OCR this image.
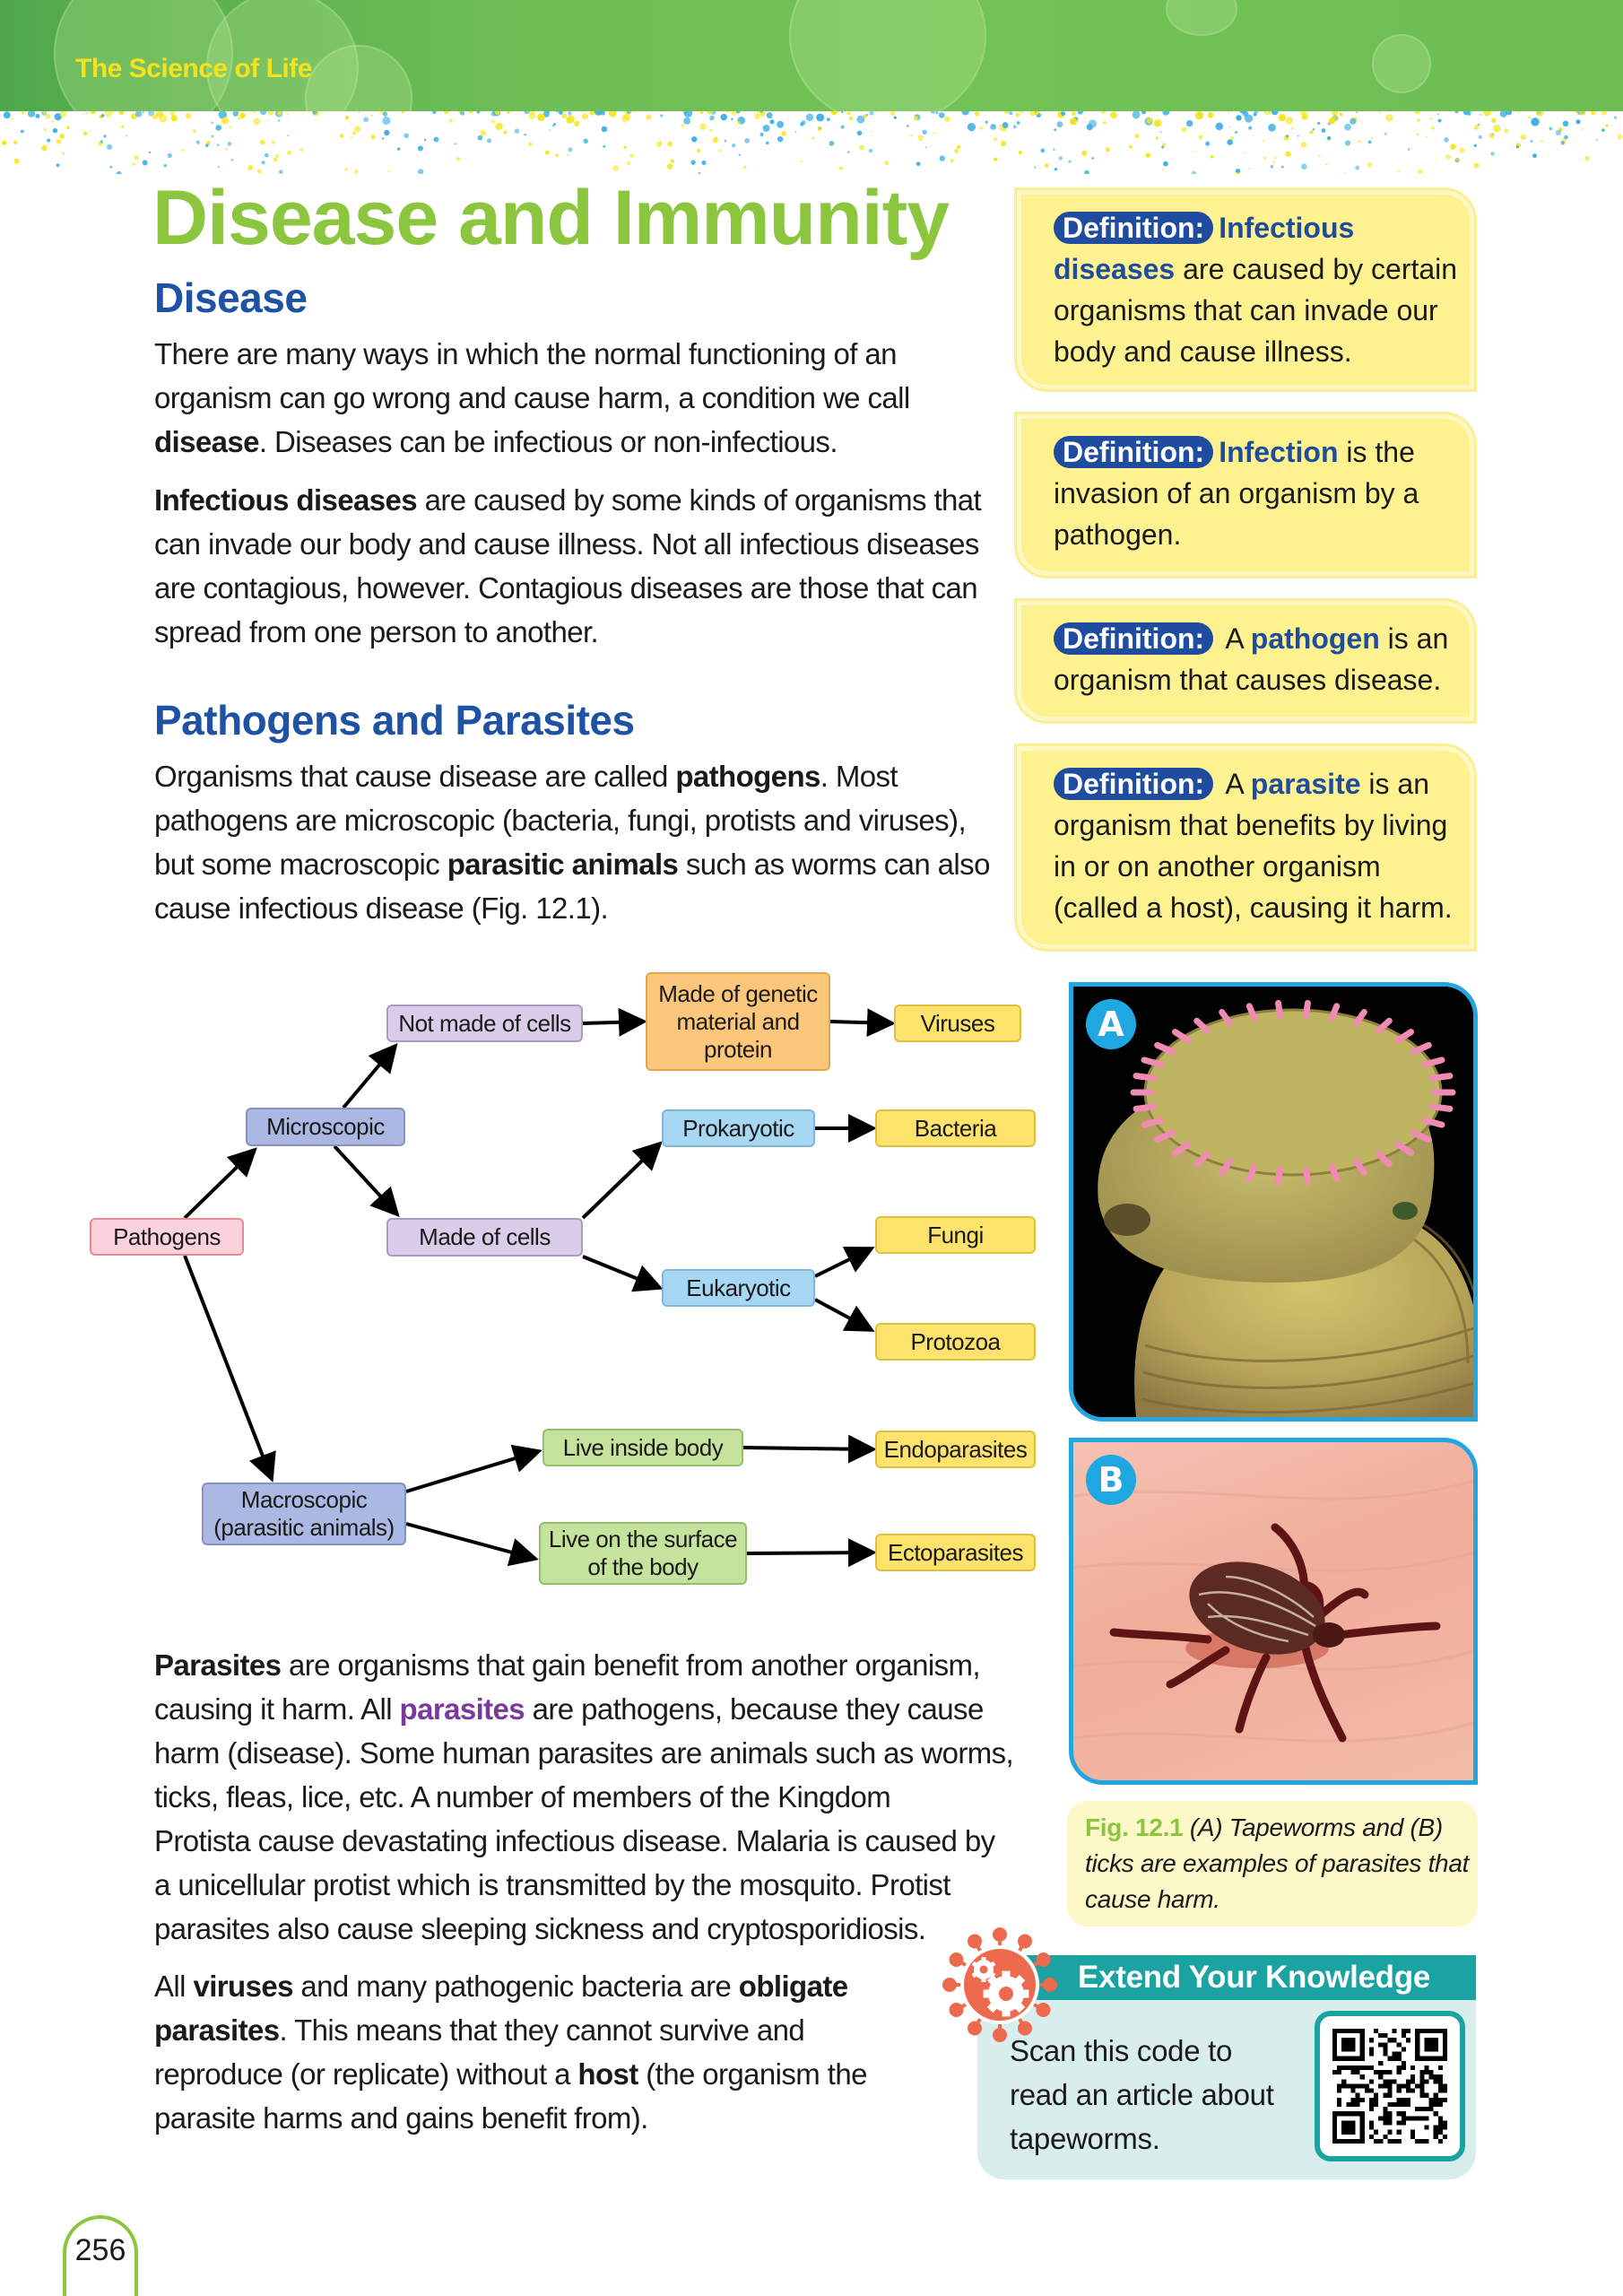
The Science of Life
Disease and Immunity
Disease
There are many ways in which the normal functioning of an
organism can go wrong and cause harm, a condition we call
disease. Diseases can be infectious or non-infectious.
Infectious diseases are caused by some kinds of organisms that
can invade our body and cause illness. Not all infectious diseases
are contagious, however. Contagious diseases are those that can
spread from one person to another.
Pathogens and Parasites
Organisms that cause disease are called pathogens. Most
pathogens are microscopic (bacteria, fungi, protists and viruses),
but some macroscopic parasitic animals such as worms can also
cause infectious disease (Fig. 12.1).
Definition: Infectious diseases are caused by certain organisms that can invade our body and cause illness.
Definition: Infection is the invasion of an organism by a pathogen.
Definition: A pathogen is an organism that causes disease.
Definition: A parasite is an organism that benefits by living in or on another organism (called a host), causing it harm.
Pathogens
Microscopic
Macroscopic (parasitic animals)
Not made of cells
Made of cells
Made of genetic material and protein
Prokaryotic
Eukaryotic
Viruses
Bacteria
Fungi
Protozoa
Live inside body
Live on the surface of the body
Endoparasites
Ectoparasites
Parasites are organisms that gain benefit from another organism,
causing it harm. All parasites are pathogens, because they cause
harm (disease). Some human parasites are animals such as worms,
ticks, fleas, lice, etc. A number of members of the Kingdom
Protista cause devastating infectious disease. Malaria is caused by
a unicellular protist which is transmitted by the mosquito. Protist
parasites also cause sleeping sickness and cryptosporidiosis.
All viruses and many pathogenic bacteria are obligate
parasites. This means that they cannot survive and
reproduce (or replicate) without a host (the organism the
parasite harms and gains benefit from).
A
B
Fig. 12.1 (A) Tapeworms and (B) ticks are examples of parasites that cause harm.
Extend Your Knowledge
Scan this code to
read an article about
tapeworms.
256
